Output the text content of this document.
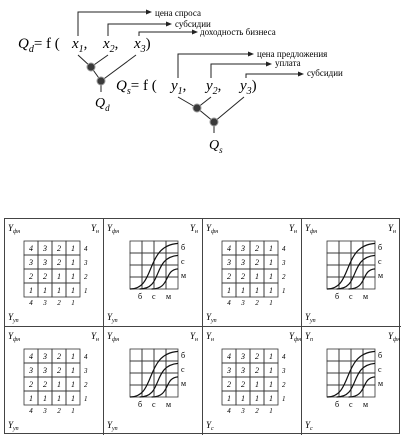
$Q_d= f$ ( $x_1$, $x_2$, $x_3$)
цена спроса
субсидии
доходность бизнеса
$Q_d$
$Q_s= f$ ( $y_1$, $y_2$, $y_3$)
цена предложения
уплата
субсидии
$Q_s$
$Y_{фн}$	$Y_н$
$Y_{уп}$
4 3 2 1 4
3 3 2 1 3
2 2 1 1 2
1 1 1 1 1
4 3 2 1
$Y_{фн}$	$Y_н$
$Y_{уп}$
б
с
м
б с м
$Y_{фн}$	$Y_н$
$Y_{уп}$
4 3 2 1 4
3 3 2 1 3
2 2 1 1 2
1 1 1 1 1
4 3 2 1
$Y_{фн}$	$Y_н$
$Y_{уп}$
б
с
м
б с м
$Y_{фн}$	$Y_н$
$Y_{уп}$
4 3 2 1 4
3 3 2 1 3
2 2 1 1 2
1 1 1 1 1
4 3 2 1
$Y_{фн}$	$Y_н$
$Y_{уп}$
б
с
м
б с м
$Y_н$	$Y_{фн}$
$Y_с$
4 3 2 1 4
3 3 2 1 3
2 2 1 1 2
1 1 1 1 1
4 3 2 1
$Y_п$	$Y_{фн}$
$Y_с$
б
с
м
б с м
